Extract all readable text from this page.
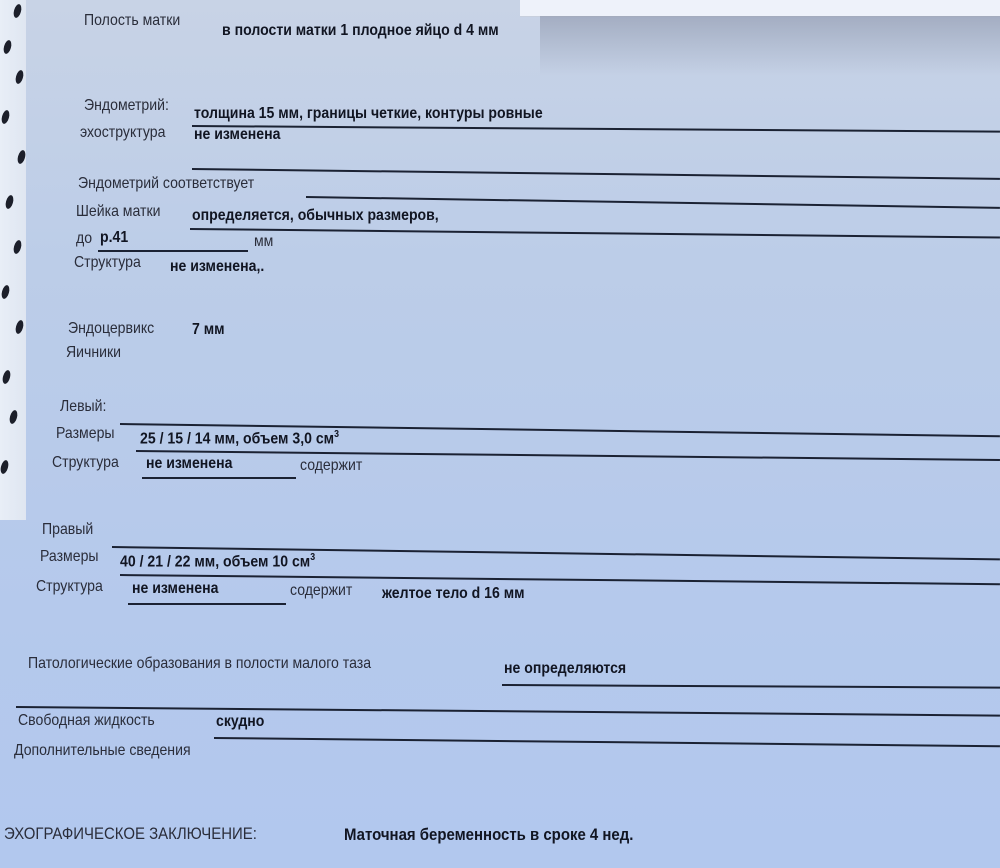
Полость матки
в полости матки 1 плодное яйцо d 4 мм
Эндометрий: толщина 15 мм, границы четкие, контуры ровные
эхоструктура не изменена
Эндометрий соответствует
Шейка матки определяется, обычных размеров,
до р.41	мм
Структура не изменена,.
Эндоцервикс 7 мм
Яичники
Левый:
Размеры 25 / 15 / 14 мм, объем 3,0 $см^3$
Структура не изменена	содержит
Правый
Размеры 40 / 21 / 22 мм, объем 10 $см^3$
Структура не изменена	содержит желтое тело d 16 мм
Патологические образования в полости малого таза	не определяются
Свободная жидкость	скудно
Дополнительные сведения
ЭХОГРАФИЧЕСКОЕ ЗАКЛЮЧЕНИЕ:	Маточная беременность в сроке 4 нед.
